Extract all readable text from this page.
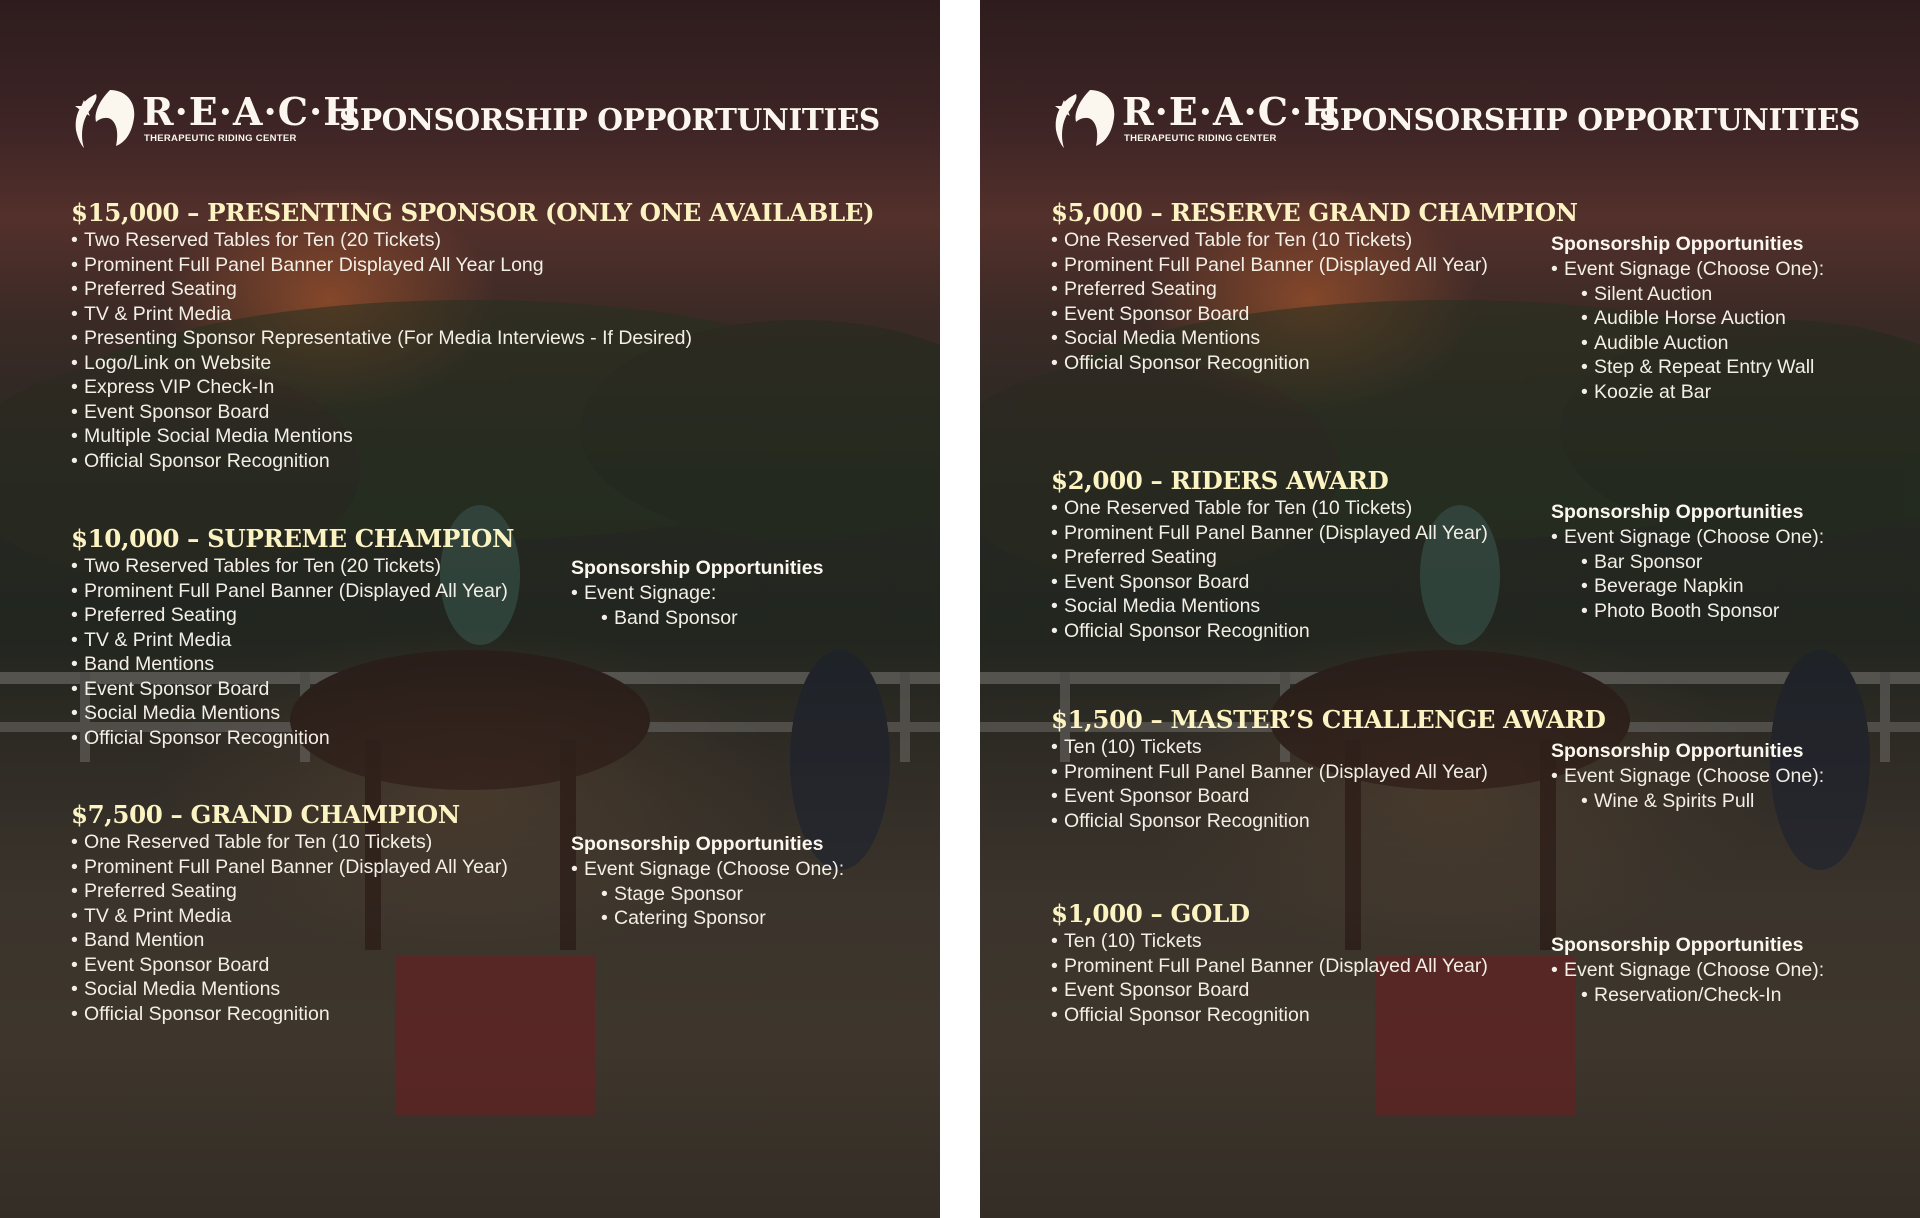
R·E·A·C·H
THERAPEUTIC RIDING CENTER
SPONSORSHIP OPPORTUNITIES
$15,000 – PRESENTING SPONSOR (ONLY ONE AVAILABLE)
• Two Reserved Tables for Ten (20 Tickets)
• Prominent Full Panel Banner Displayed All Year Long
• Preferred Seating
• TV & Print Media
• Presenting Sponsor Representative (For Media Interviews - If Desired)
• Logo/Link on Website
• Express VIP Check-In
• Event Sponsor Board
• Multiple Social Media Mentions
• Official Sponsor Recognition
$10,000 – SUPREME CHAMPION
• Two Reserved Tables for Ten (20 Tickets)
• Prominent Full Panel Banner (Displayed All Year)
• Preferred Seating
• TV & Print Media
• Band Mentions
• Event Sponsor Board
• Social Media Mentions
• Official Sponsor Recognition

Sponsorship Opportunities

• Event Signage:
• Band Sponsor
$7,500 – GRAND CHAMPION
• One Reserved Table for Ten (10 Tickets)
• Prominent Full Panel Banner (Displayed All Year)
• Preferred Seating
• TV & Print Media
• Band Mention
• Event Sponsor Board
• Social Media Mentions
• Official Sponsor Recognition

Sponsorship Opportunities

• Event Signage (Choose One):
• Stage Sponsor
• Catering Sponsor
R·E·A·C·H
THERAPEUTIC RIDING CENTER
SPONSORSHIP OPPORTUNITIES
$5,000 – RESERVE GRAND CHAMPION
• One Reserved Table for Ten (10 Tickets)
• Prominent Full Panel Banner (Displayed All Year)
• Preferred Seating
• Event Sponsor Board
• Social Media Mentions
• Official Sponsor Recognition

Sponsorship Opportunities

• Event Signage (Choose One):
• Silent Auction
• Audible Horse Auction
• Audible Auction
• Step & Repeat Entry Wall
• Koozie at Bar
$2,000 – RIDERS AWARD
• One Reserved Table for Ten (10 Tickets)
• Prominent Full Panel Banner (Displayed All Year)
• Preferred Seating
• Event Sponsor Board
• Social Media Mentions
• Official Sponsor Recognition

Sponsorship Opportunities

• Event Signage (Choose One):
• Bar Sponsor
• Beverage Napkin
• Photo Booth Sponsor
$1,500 – MASTER’S CHALLENGE AWARD
• Ten (10) Tickets
• Prominent Full Panel Banner (Displayed All Year)
• Event Sponsor Board
• Official Sponsor Recognition

Sponsorship Opportunities

• Event Signage (Choose One):
• Wine & Spirits Pull
$1,000 – GOLD
• Ten (10) Tickets
• Prominent Full Panel Banner (Displayed All Year)
• Event Sponsor Board
• Official Sponsor Recognition

Sponsorship Opportunities

• Event Signage (Choose One):
• Reservation/Check-In
